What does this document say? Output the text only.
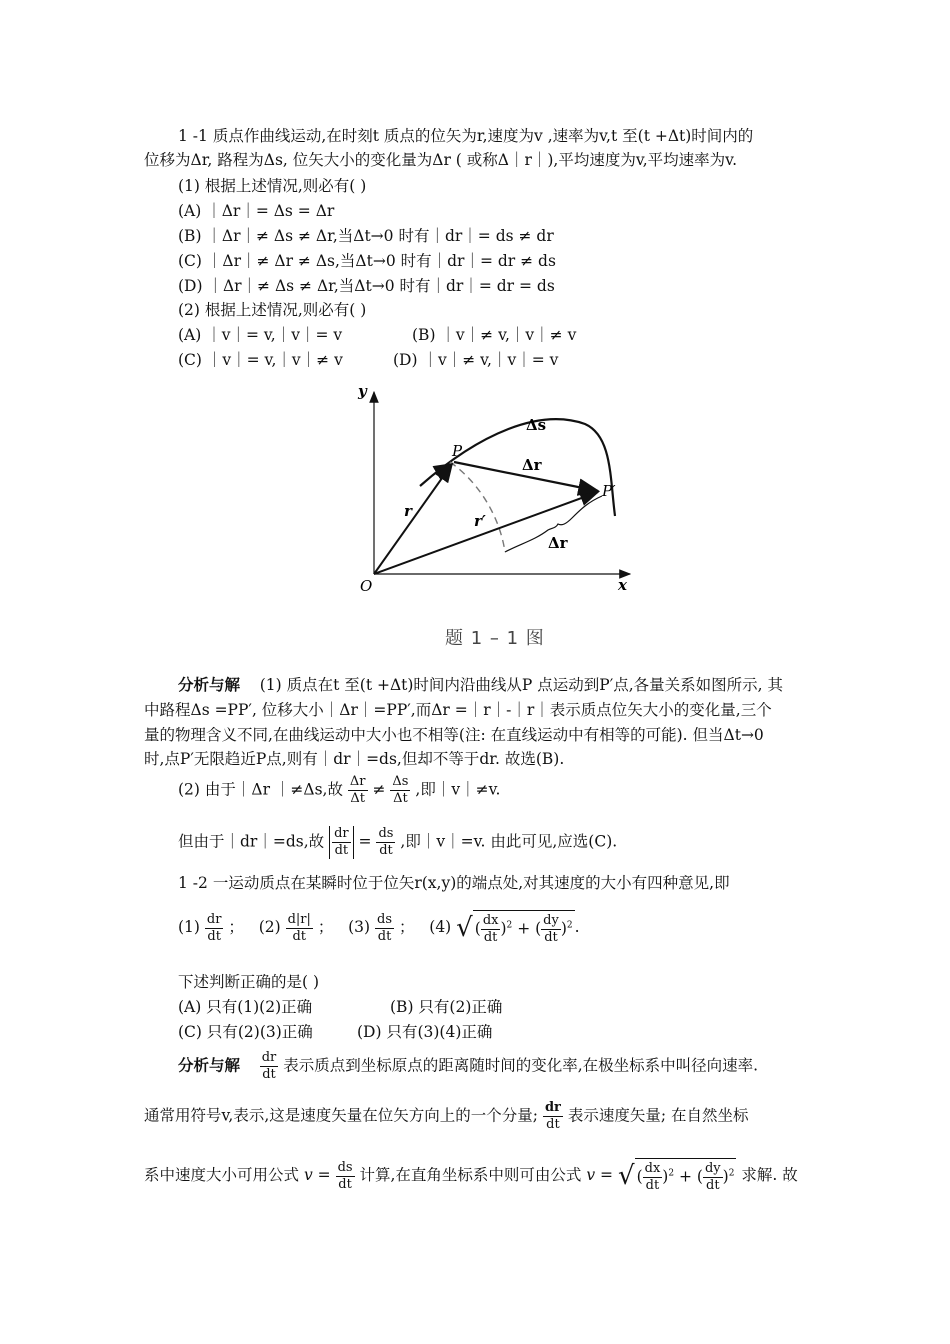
1 -1 质点作曲线运动,在时刻t 质点的位矢为r,速度为v ,速率为v,t 至(t +Δt)时间内的
位移为Δr, 路程为Δs, 位矢大小的变化量为Δr ( 或称Δ｜r｜),平均速度为v,平均速率为v.
(1) 根据上述情况,则必有( )
(A) ｜Δr｜= Δs = Δr
(B) ｜Δr｜≠ Δs ≠ Δr,当Δt→0 时有｜dr｜= ds ≠ dr
(C) ｜Δr｜≠ Δr ≠ Δs,当Δt→0 时有｜dr｜= dr ≠ ds
(D) ｜Δr｜≠ Δs ≠ Δr,当Δt→0 时有｜dr｜= dr = ds
(2) 根据上述情况,则必有( )
(A) ｜v｜= v,｜v｜= v	(B) ｜v｜≠ v,｜v｜≠ v
(C) ｜v｜= v,｜v｜≠ v	(D) ｜v｜≠ v,｜v｜= v
y
x
O
P
P′
Δs
Δr
r
r′
Δr
题 1 – 1 图
分析与解 (1) 质点在t 至(t +Δt)时间内沿曲线从P 点运动到P′点,各量关系如图所示, 其
中路程Δs =PP′, 位移大小｜Δr｜=PP′,而Δr =｜r｜-｜r｜表示质点位矢大小的变化量,三个
量的物理含义不同,在曲线运动中大小也不相等(注: 在直线运动中有相等的可能). 但当Δt→0
时,点P′无限趋近P点,则有｜dr｜=ds,但却不等于dr. 故选(B).
(2) 由于｜Δr ｜≠Δs,故 $\frac{\Delta r}{\Delta t} \ne \frac{\Delta s}{\Delta t}$ ,即｜v｜≠v.
但由于｜dr｜=ds,故 $\frac{dr}{dt} = \frac{ds}{dt}$ ,即｜v｜=v. 由此可见,应选(C).
1 -2 一运动质点在某瞬时位于位矢r(x,y)的端点处,对其速度的大小有四种意见,即
$(1) \frac{dr}{dt}$ ； $(2) \frac{d|r|}{dt}$ ； $(3) \frac{ds}{dt}$ ； (4) √ ( $\frac{dx}{dt} )^2$ + ( $\frac{dy}{dt} )^2$ .
下述判断正确的是( )
(A) 只有(1)(2)正确	(B) 只有(2)正确
(C) 只有(2)(3)正确	(D) 只有(3)(4)正确
分析与解 $\frac{dr}{dt}$ 表示质点到坐标原点的距离随时间的变化率,在极坐标系中叫径向速率.
通常用符号v,表示,这是速度矢量在位矢方向上的一个分量; $\frac{dr}{dt}$ 表示速度矢量; 在自然坐标
系中速度大小可用公式 $v = \frac{ds}{dt}$ 计算,在直角坐标系中则可由公式 v = √ ( $\frac{dx}{dt} )^2$ + ( $\frac{dy}{dt} )^2$ 求解. 故
